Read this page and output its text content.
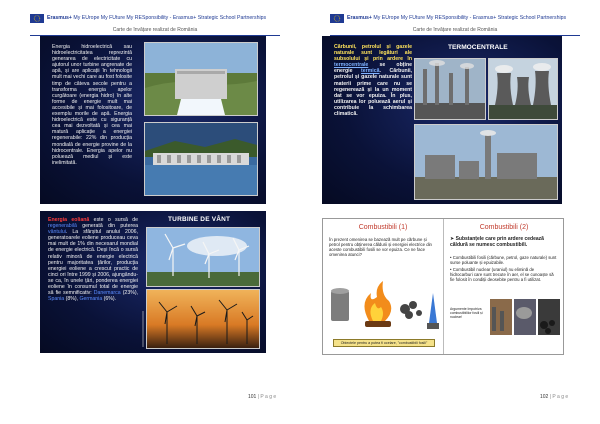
Erasmus+ My EUrope My FUture My RESponsibility - Erasmus+ Strategic School Partnerships
Carte de învățare realizat de România
Energia hidroelectrică sau hidroelectricitatea reprezintă generarea de electricitate cu ajutorul unor turbine angrenate de apă, și are aplicații în tehnologii mult mai vechi care au fost folosite timp de câteva secole pentru a transforma energia apelor curgătoare (energia hidro) în alte forme de energie mult mai accesibile și mai folositoare, de exemplu morile de apă. Energia hidroelectrică este cu siguranță cea mai dezvoltată și cea mai matură aplicație a energiei regenerabile: 22% din producția mondială de energie provine de la hidrocentrale. Energia apelor nu poluează mediul și este inelimitată.
Energia eoliană este o sursă de regenerabilă generată din puterea vântului. La sfârșitul anului 2006, generatoarele eoliene produceau ceva mai mult de 1% din necesarul mondial de energie electrică. Deși încă o sursă relativ minoră de energie electrică pentru majoritatea țărilor, producția energiei eoliene a crescut practic de cinci ori între 1999 și 2006, ajungându-se ca, în unele țări, ponderea energiei eoliene în consumul total de energie să fie semnificativ: Danemarca (23%), Spania (8%), Germania (6%).
TURBINE DE VÂNT
101 | P a g e
Erasmus+ My EUrope My FUture My RESponsibility - Erasmus+ Strategic School Partnerships
Carte de învățare realizat de România
Cărbunii, petrolul și gazele naturale sunt legături ale subsolului și prin ardere în termocentrale se obține energie termică. Cărbunii, petrolul și gazele naturale sunt materii prime care nu se regenerează și la un moment dat se vor epuiza. În plus, utilizarea lor poluează aerul și contribuie la schimbarea climatică.
TERMOCENTRALE
Combustibili (1)
În prezent omenirea se bazează mult pe cărbune și petrol pentru obținerea căldurii și energiei electrice din aceste combustibili fosili se vor epuiza. Ce ne face omenirea atunci?
Obiectele pentru a putea fi ocelare, "combustibili fosili"
Combustibili (2)
➤ Substanțele care prin ardere cedează căldură se numesc combustibili.
• Combustibili fosili (cărbune, petrol, gaze naturale) sunt surse poluante și epuizabile.
• Combustibil nuclear (uraniul) nu elimină de hidrocarburi care sunt trecute în aer, el se cunoaște să fie folosit în condiții deosebite pentru a fi utilizat.
Argumente împotriva combustibililor fosili și nuclear!
BELCHI	RUMEA	CARBUNI
102 | P a g e
